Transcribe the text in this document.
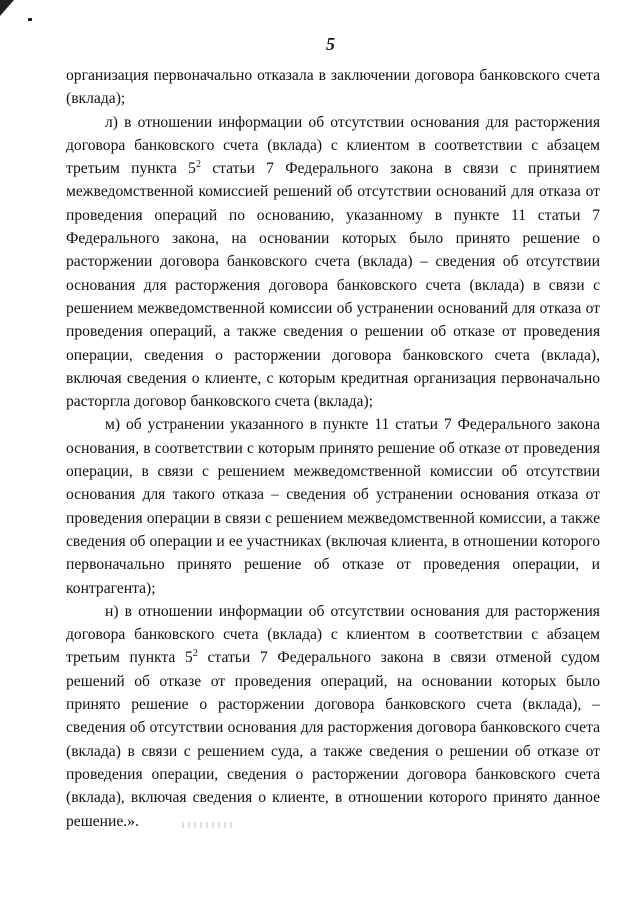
5

организация первоначально отказала в заключении договора банковского счета (вклада);

л) в отношении информации об отсутствии основания для расторжения договора банковского счета (вклада) с клиентом в соответствии с абзацем третьим пункта $5^2$ статьи 7 Федерального закона в связи с принятием межведомственной комиссией решений об отсутствии оснований для отказа от проведения операций по основанию, указанному в пункте 11 статьи 7 Федерального закона, на основании которых было принято решение о расторжении договора банковского счета (вклада) – сведения об отсутствии основания для расторжения договора банковского счета (вклада) в связи с решением межведомственной комиссии об устранении оснований для отказа от проведения операций, а также сведения о решении об отказе от проведения операции, сведения о расторжении договора банковского счета (вклада), включая сведения о клиенте, с которым кредитная организация первоначально расторгла договор банковского счета (вклада);

м) об устранении указанного в пункте 11 статьи 7 Федерального закона основания, в соответствии с которым принято решение об отказе от проведения операции, в связи с решением межведомственной комиссии об отсутствии основания для такого отказа – сведения об устранении основания отказа от проведения операции в связи с решением межведомственной комиссии, а также сведения об операции и ее участниках (включая клиента, в отношении которого первоначально принято решение об отказе от проведения операции, и контрагента);

н) в отношении информации об отсутствии основания для расторжения договора банковского счета (вклада) с клиентом в соответствии с абзацем третьим пункта $5^2$ статьи 7 Федерального закона в связи отменой судом решений об отказе от проведения операций, на основании которых было принято решение о расторжении договора банковского счета (вклада), – сведения об отсутствии основания для расторжения договора банковского счета (вклада) в связи с решением суда, а также сведения о решении об отказе от проведения операции, сведения о расторжении договора банковского счета (вклада), включая сведения о клиенте, в отношении которого принято данное решение.».
